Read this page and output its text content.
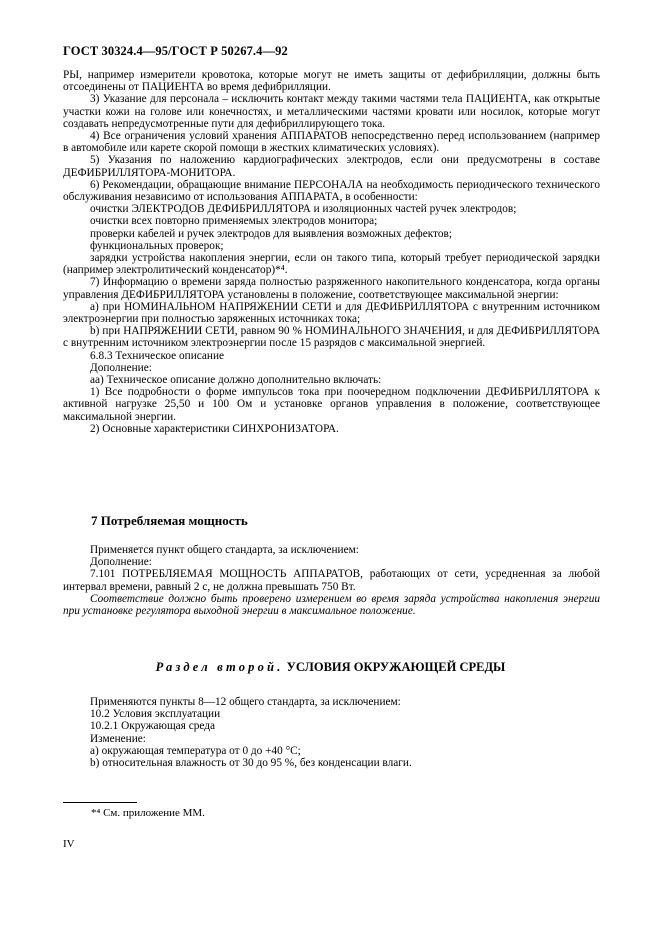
ГОСТ 30324.4—95/ГОСТ Р 50267.4—92

РЫ, например измерители кровотока, которые могут не иметь защиты от дефибрилляции, должны быть отсоединены от ПАЦИЕНТА во время дефибрилляции.

3) Указание для персонала – исключить контакт между такими частями тела ПАЦИЕНТА, как открытые участки кожи на голове или конечностях, и металлическими частями кровати или носилок, которые могут создавать непредусмотренные пути для дефибриллирующего тока.

4) Все ограничения условий хранения АППАРАТОВ непосредственно перед использованием (например в автомобиле или карете скорой помощи в жестких климатических условиях).

5) Указания по наложению кардиографических электродов, если они предусмотрены в составе ДЕФИБРИЛЛЯТОРА-МОНИТОРА.

6) Рекомендации, обращающие внимание ПЕРСОНАЛА на необходимость периодического технического обслуживания независимо от использования АППАРАТА, в особенности:

очистки ЭЛЕКТРОДОВ ДЕФИБРИЛЛЯТОРА и изоляционных частей ручек электродов;

очистки всех повторно применяемых электродов монитора;

проверки кабелей и ручек электродов для выявления возможных дефектов;

функциональных проверок;

зарядки устройства накопления энергии, если он такого типа, который требует периодической зарядки (например электролитический конденсатор)*⁴.

7) Информацию о времени заряда полностью разряженного накопительного конденсатора, когда органы управления ДЕФИБРИЛЛЯТОРА установлены в положение, соответствующее максимальной энергии:

a) при НОМИНАЛЬНОМ НАПРЯЖЕНИИ СЕТИ и для ДЕФИБРИЛЛЯТОРА с внутренним источником электроэнергии при полностью заряженных источниках тока;

b) при НАПРЯЖЕНИИ СЕТИ, равном 90 % НОМИНАЛЬНОГО ЗНАЧЕНИЯ, и для ДЕФИБРИЛЛЯТОРА с внутренним источником электроэнергии после 15 разрядов с максимальной энергией.

6.8.3 Техническое описание

Дополнение:

аа) Техническое описание должно дополнительно включать:

1) Все подробности о форме импульсов тока при поочередном подключении ДЕФИБРИЛЛЯТОРА к активной нагрузке 25,50 и 100 Ом и установке органов управления в положение, соответствующее максимальной энергии.

2) Основные характеристики СИНХРОНИЗАТОРА.

7 Потребляемая мощность

Применяется пункт общего стандарта, за исключением:

Дополнение:

7.101 ПОТРЕБЛЯЕМАЯ МОЩНОСТЬ АППАРАТОВ, работающих от сети, усредненная за любой интервал времени, равный 2 с, не должна превышать 750 Вт.

Соответствие должно быть проверено измерением во время заряда устройства накопления энергии при установке регулятора выходной энергии в максимальное положение.

Раздел второй. УСЛОВИЯ ОКРУЖАЮЩЕЙ СРЕДЫ

Применяются пункты 8—12 общего стандарта, за исключением:

10.2 Условия эксплуатации

10.2.1 Окружающая среда

Изменение:

a) окружающая температура от 0 до +40 °С;

b) относительная влажность от 30 до 95 %, без конденсации влаги.

*⁴ См. приложение ММ.
IV
